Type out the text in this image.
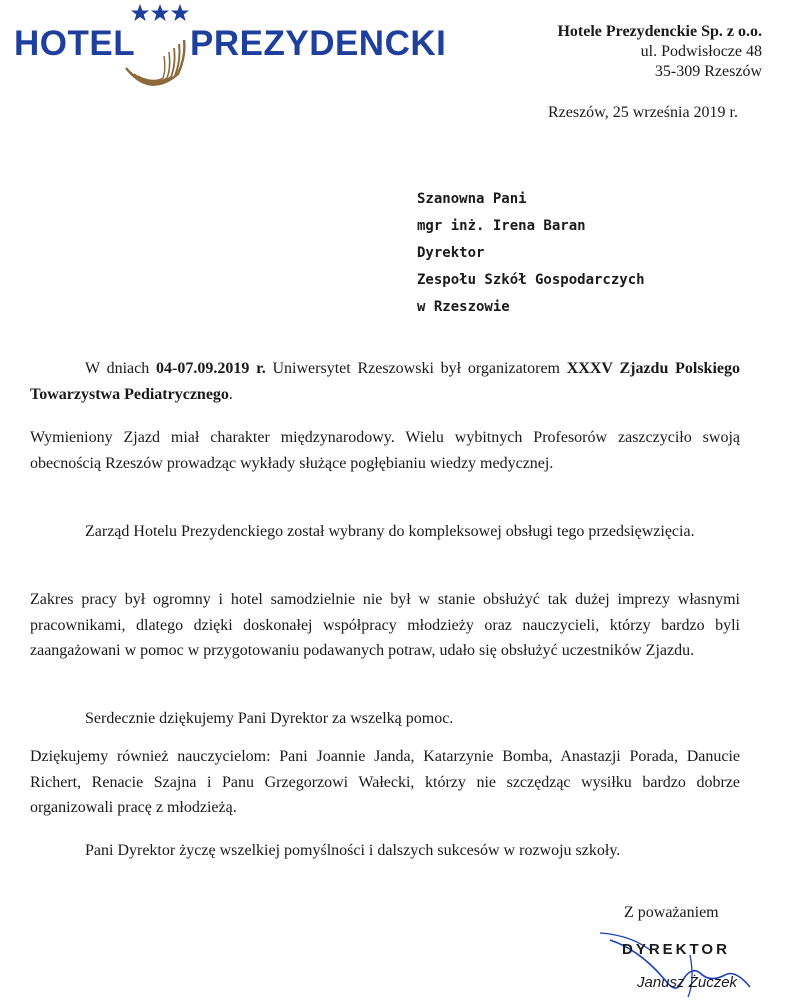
HOTEL PREZYDENCKI	Hotele Prezydenckie Sp. z o.o.
ul. Podwisłocze 48
35-309 Rzeszów
Rzeszów, 25 września 2019 r.
Szanowna Pani
mgr inż. Irena Baran
Dyrektor
Zespołu Szkół Gospodarczych
w Rzeszowie

W dniach 04-07.09.2019 r. Uniwersytet Rzeszowski był organizatorem XXXV Zjazdu Polskiego Towarzystwa Pediatrycznego.

Wymieniony Zjazd miał charakter międzynarodowy. Wielu wybitnych Profesorów zaszczyciło swoją obecnością Rzeszów prowadząc wykłady służące pogłębianiu wiedzy medycznej.

Zarząd Hotelu Prezydenckiego został wybrany do kompleksowej obsługi tego przedsięwzięcia.

Zakres pracy był ogromny i hotel samodzielnie nie był w stanie obsłużyć tak dużej imprezy własnymi pracownikami, dlatego dzięki doskonałej współpracy młodzieży oraz nauczycieli, którzy bardzo byli zaangażowani w pomoc w przygotowaniu podawanych potraw, udało się obsłużyć uczestników Zjazdu.

Serdecznie dziękujemy Pani Dyrektor za wszelką pomoc.

Dziękujemy również nauczycielom: Pani Joannie Janda, Katarzynie Bomba, Anastazji Porada, Danucie Richert, Renacie Szajna i Panu Grzegorzowi Wałecki, którzy nie szczędząc wysiłku bardzo dobrze organizowali pracę z młodzieżą.

Pani Dyrektor życzę wszelkiej pomyślności i dalszych sukcesów w rozwoju szkoły.

Z poważaniem
DYREKTOR
Janusz Żuczek
